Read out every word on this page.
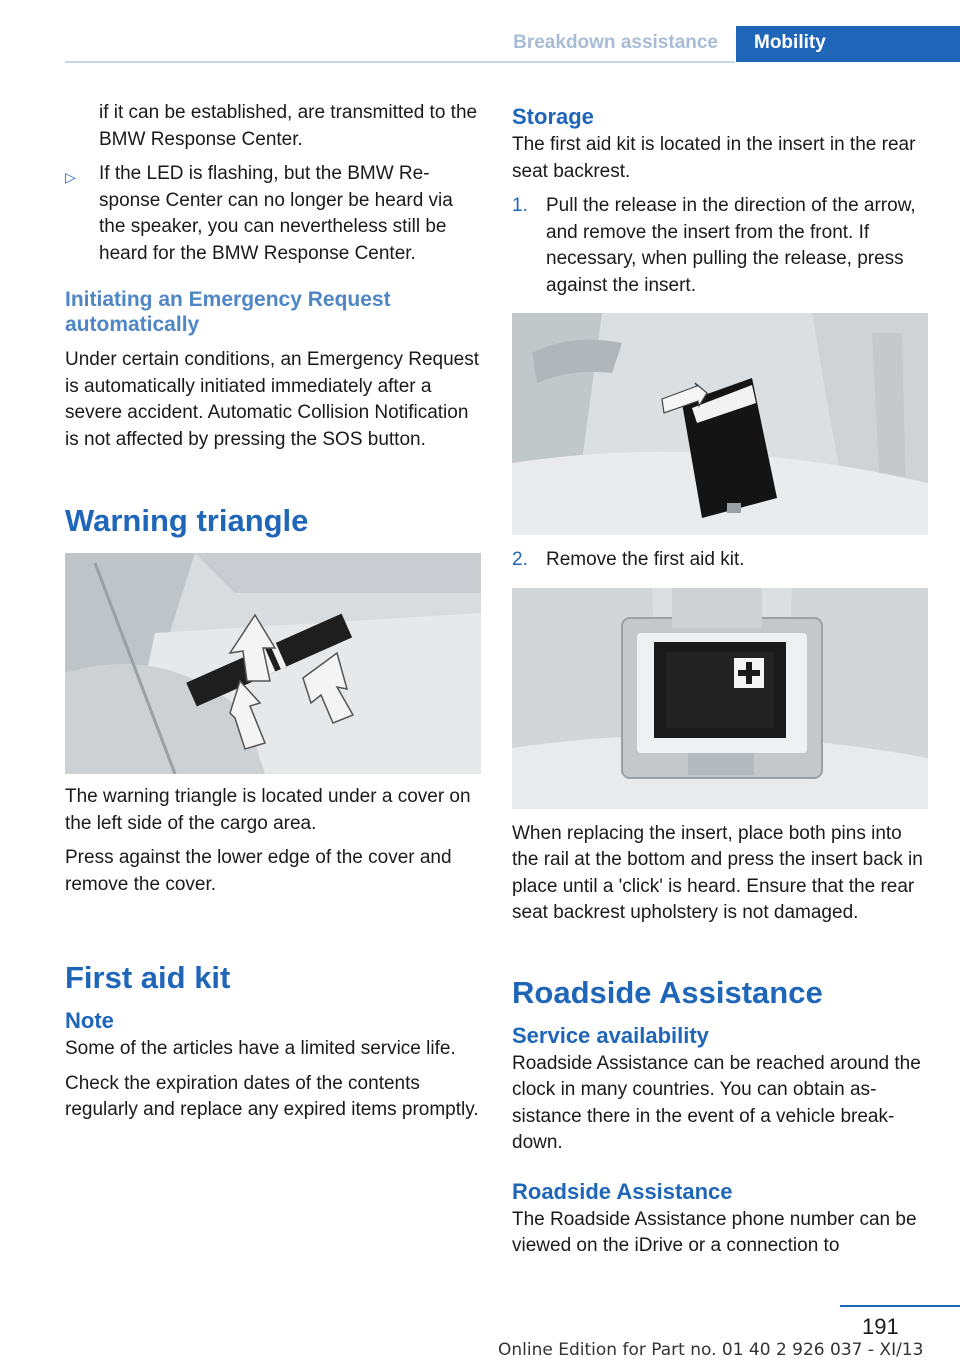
Breakdown assistance	Mobility

if it can be established, are transmitted to the BMW Response Center.

▷	If the LED is flashing, but the BMW Response Center can no longer be heard via the speaker, you can nevertheless still be heard for the BMW Response Center.
Initiating an Emergency Request automatically

Under certain conditions, an Emergency Request is automatically initiated immediately after a severe accident. Automatic Collision Notification is not affected by pressing the SOS button.

Warning triangle

The warning triangle is located under a cover on the left side of the cargo area.

Press against the lower edge of the cover and remove the cover.

First aid kit
Note

Some of the articles have a limited service life.

Check the expiration dates of the contents regularly and replace any expired items promptly.

Storage

The first aid kit is located in the insert in the rear seat backrest.

1. Pull the release in the direction of the arrow, and remove the insert from the front. If necessary, when pulling the release, press against the insert.
2. Remove the first aid kit.

When replacing the insert, place both pins into the rail at the bottom and press the insert back in place until a 'click' is heard. Ensure that the rear seat backrest upholstery is not damaged.

Roadside Assistance
Service availability

Roadside Assistance can be reached around the clock in many countries. You can obtain assistance there in the event of a vehicle breakdown.

Roadside Assistance

The Roadside Assistance phone number can be viewed on the iDrive or a connection to

191
Online Edition for Part no. 01 40 2 926 037 - XI/13
